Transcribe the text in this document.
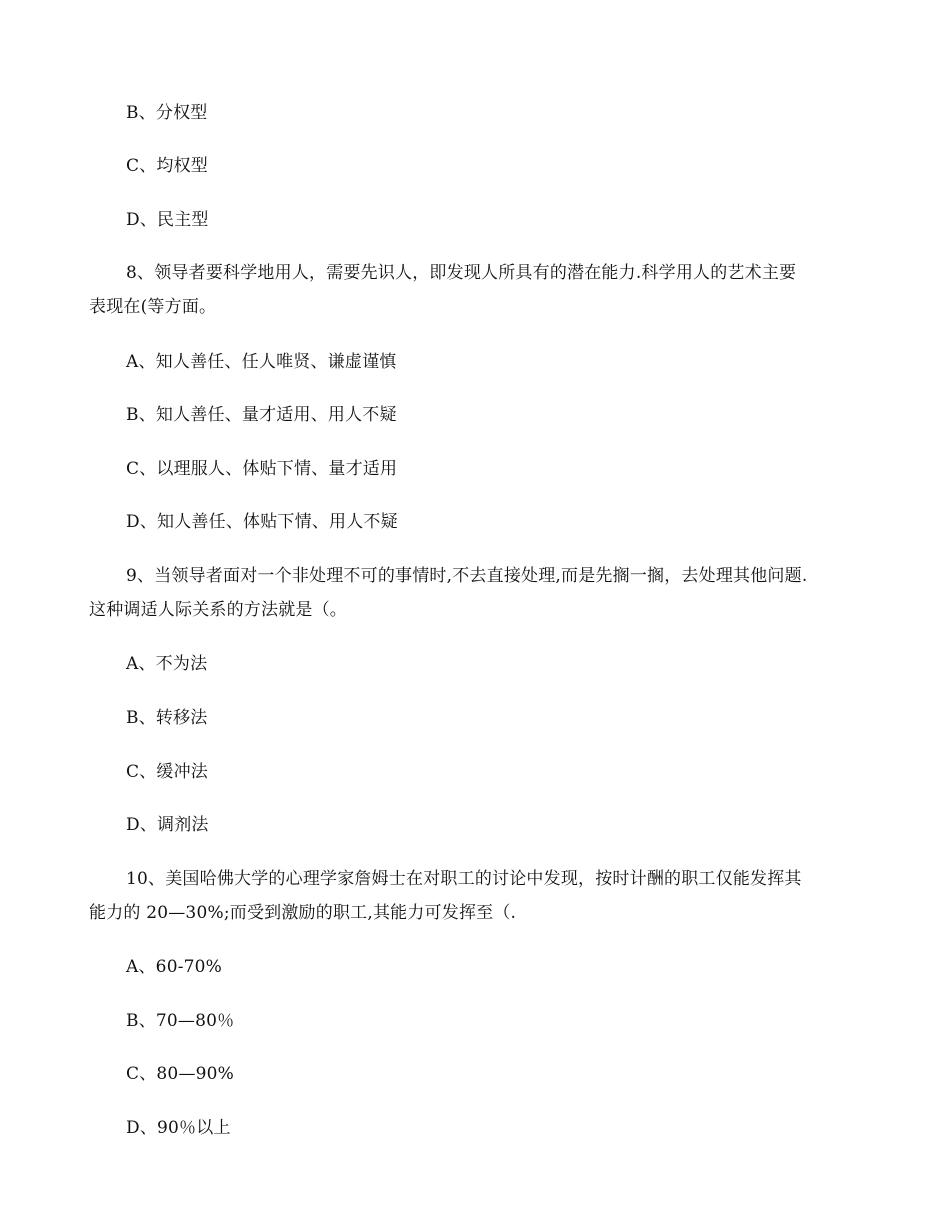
B、分权型
C、均权型
D、民主型
8、领导者要科学地用人，需要先识人，即发现人所具有的潜在能力.科学用人的艺术主要
表现在(等方面。
A、知人善任、任人唯贤、谦虚谨慎
B、知人善任、量才适用、用人不疑
C、以理服人、体贴下情、量才适用
D、知人善任、体贴下情、用人不疑
9、当领导者面对一个非处理不可的事情时,不去直接处理,而是先搁一搁，去处理其他问题.
这种调适人际关系的方法就是（。
A、不为法
B、转移法
C、缓冲法
D、调剂法
10、美国哈佛大学的心理学家詹姆士在对职工的讨论中发现，按时计酬的职工仅能发挥其
能力的 20—30%;而受到激励的职工,其能力可发挥至（.
A、60-70%
B、70—80％
C、80—90%
D、90％以上
